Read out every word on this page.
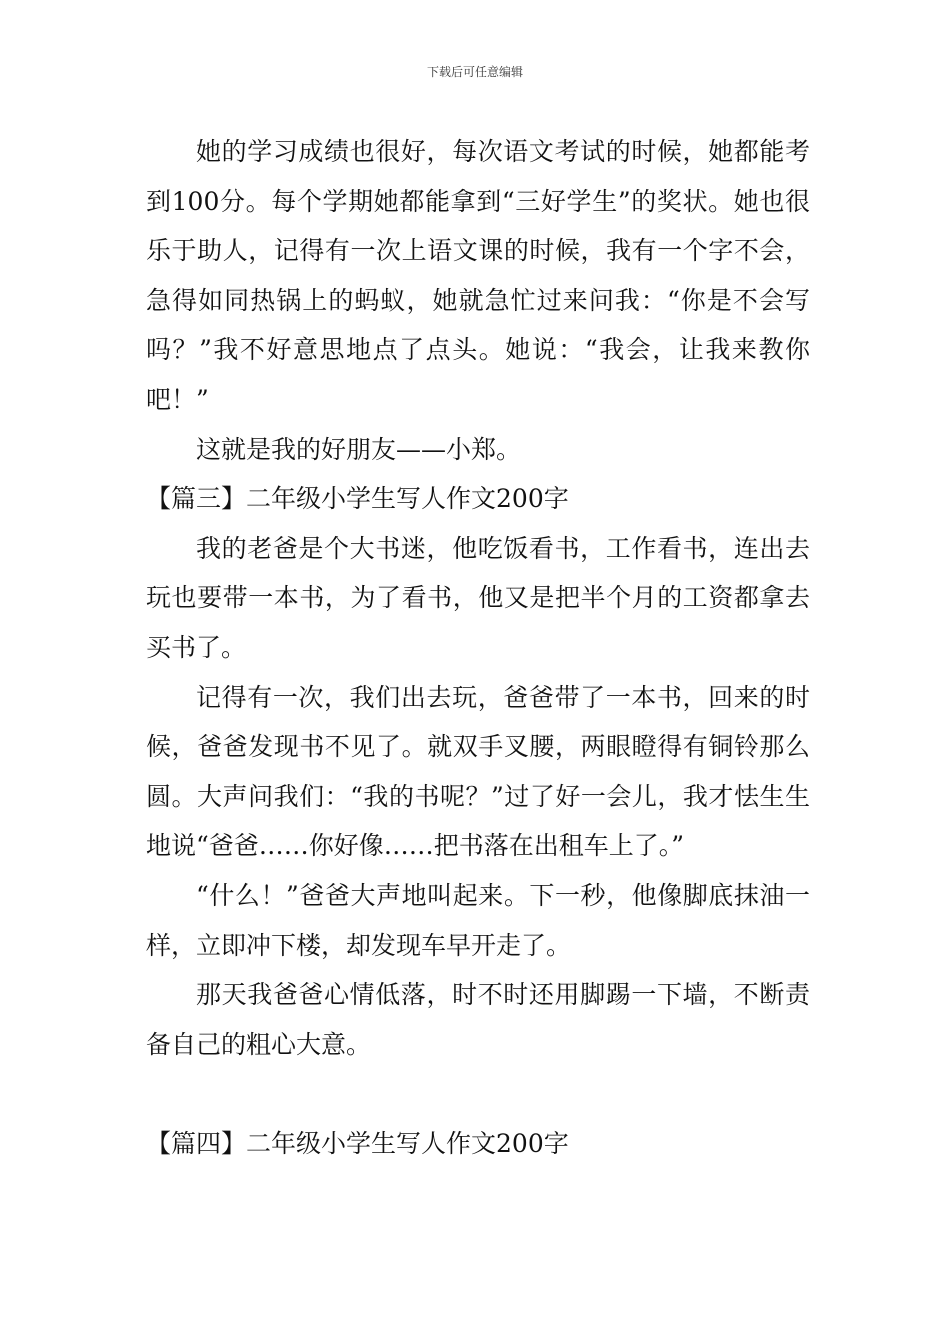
下载后可任意编辑

她的学习成绩也很好，每次语文考试的时候，她都能考到100分。每个学期她都能拿到“三好学生”的奖状。她也很乐于助人，记得有一次上语文课的时候，我有一个字不会，急得如同热锅上的蚂蚁，她就急忙过来问我：“你是不会写吗？”我不好意思地点了点头。她说：“我会，让我来教你吧！”

这就是我的好朋友——小郑。

【篇三】二年级小学生写人作文200字

我的老爸是个大书迷，他吃饭看书，工作看书，连出去玩也要带一本书，为了看书，他又是把半个月的工资都拿去买书了。

记得有一次，我们出去玩，爸爸带了一本书，回来的时候，爸爸发现书不见了。就双手叉腰，两眼瞪得有铜铃那么圆。大声问我们：“我的书呢？”过了好一会儿，我才怯生生地说“爸爸……你好像……把书落在出租车上了。”

“什么！”爸爸大声地叫起来。下一秒，他像脚底抹油一样，立即冲下楼，却发现车早开走了。

那天我爸爸心情低落，时不时还用脚踢一下墙，不断责备自己的粗心大意。

【篇四】二年级小学生写人作文200字
